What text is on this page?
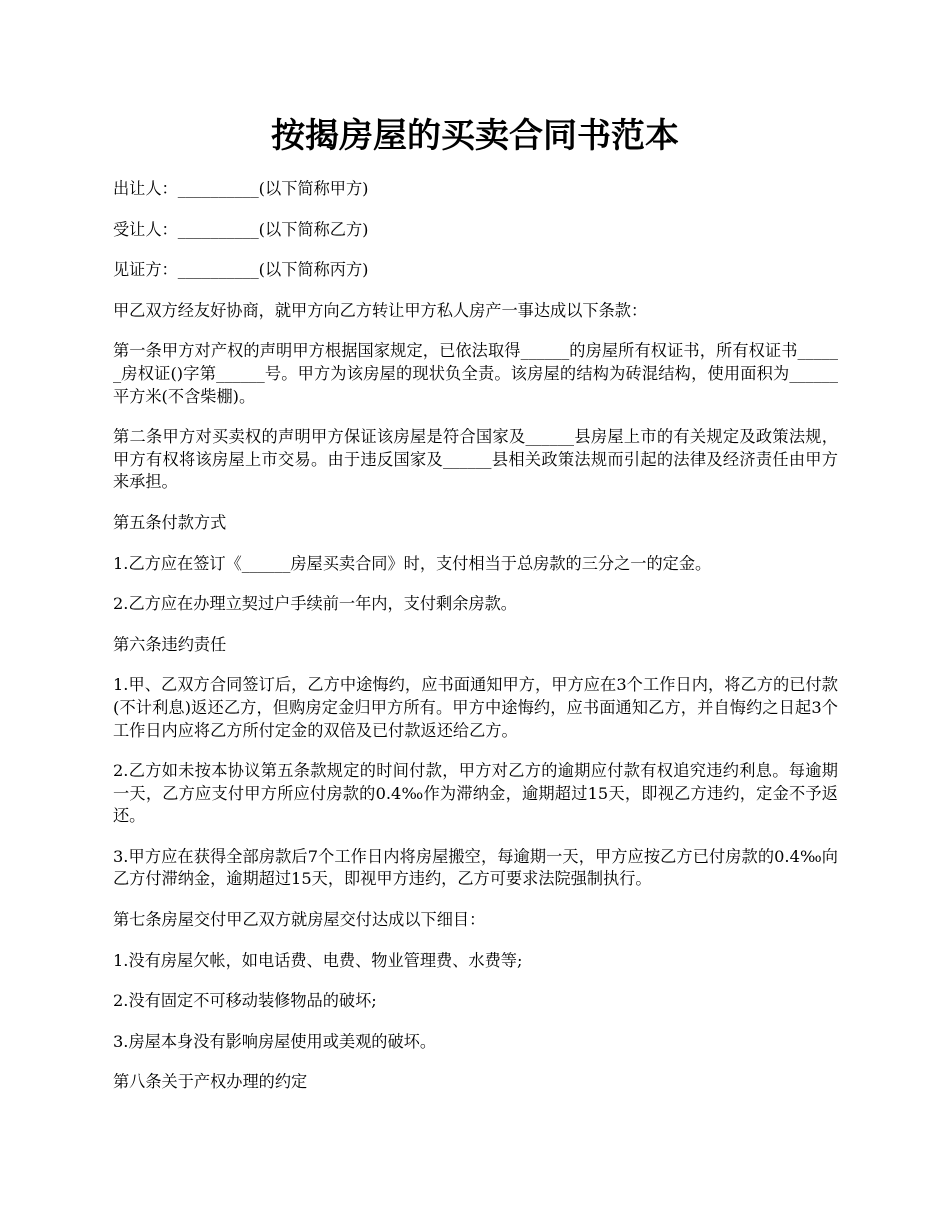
按揭房屋的买卖合同书范本

出让人：__________(以下简称甲方)

受让人：__________(以下简称乙方)

见证方：__________(以下简称丙方)

甲乙双方经友好协商，就甲方向乙方转让甲方私人房产一事达成以下条款：

第一条甲方对产权的声明甲方根据国家规定，已依法取得______的房屋所有权证书，所有权证书______房权证()字第______号。甲方为该房屋的现状负全责。该房屋的结构为砖混结构，使用面积为______平方米(不含柴棚)。

第二条甲方对买卖权的声明甲方保证该房屋是符合国家及______县房屋上市的有关规定及政策法规，甲方有权将该房屋上市交易。由于违反国家及______县相关政策法规而引起的法律及经济责任由甲方来承担。

第五条付款方式

1.乙方应在签订《______房屋买卖合同》时，支付相当于总房款的三分之一的定金。

2.乙方应在办理立契过户手续前一年内，支付剩余房款。

第六条违约责任

1.甲、乙双方合同签订后，乙方中途悔约，应书面通知甲方，甲方应在3个工作日内，将乙方的已付款(不计利息)返还乙方，但购房定金归甲方所有。甲方中途悔约，应书面通知乙方，并自悔约之日起3个工作日内应将乙方所付定金的双倍及已付款返还给乙方。

2.乙方如未按本协议第五条款规定的时间付款，甲方对乙方的逾期应付款有权追究违约利息。每逾期一天，乙方应支付甲方所应付房款的0.4‰作为滞纳金，逾期超过15天，即视乙方违约，定金不予返还。

3.甲方应在获得全部房款后7个工作日内将房屋搬空，每逾期一天，甲方应按乙方已付房款的0.4‰向乙方付滞纳金，逾期超过15天，即视甲方违约，乙方可要求法院强制执行。

第七条房屋交付甲乙双方就房屋交付达成以下细目：

1.没有房屋欠帐，如电话费、电费、物业管理费、水费等;

2.没有固定不可移动装修物品的破坏;

3.房屋本身没有影响房屋使用或美观的破坏。

第八条关于产权办理的约定
